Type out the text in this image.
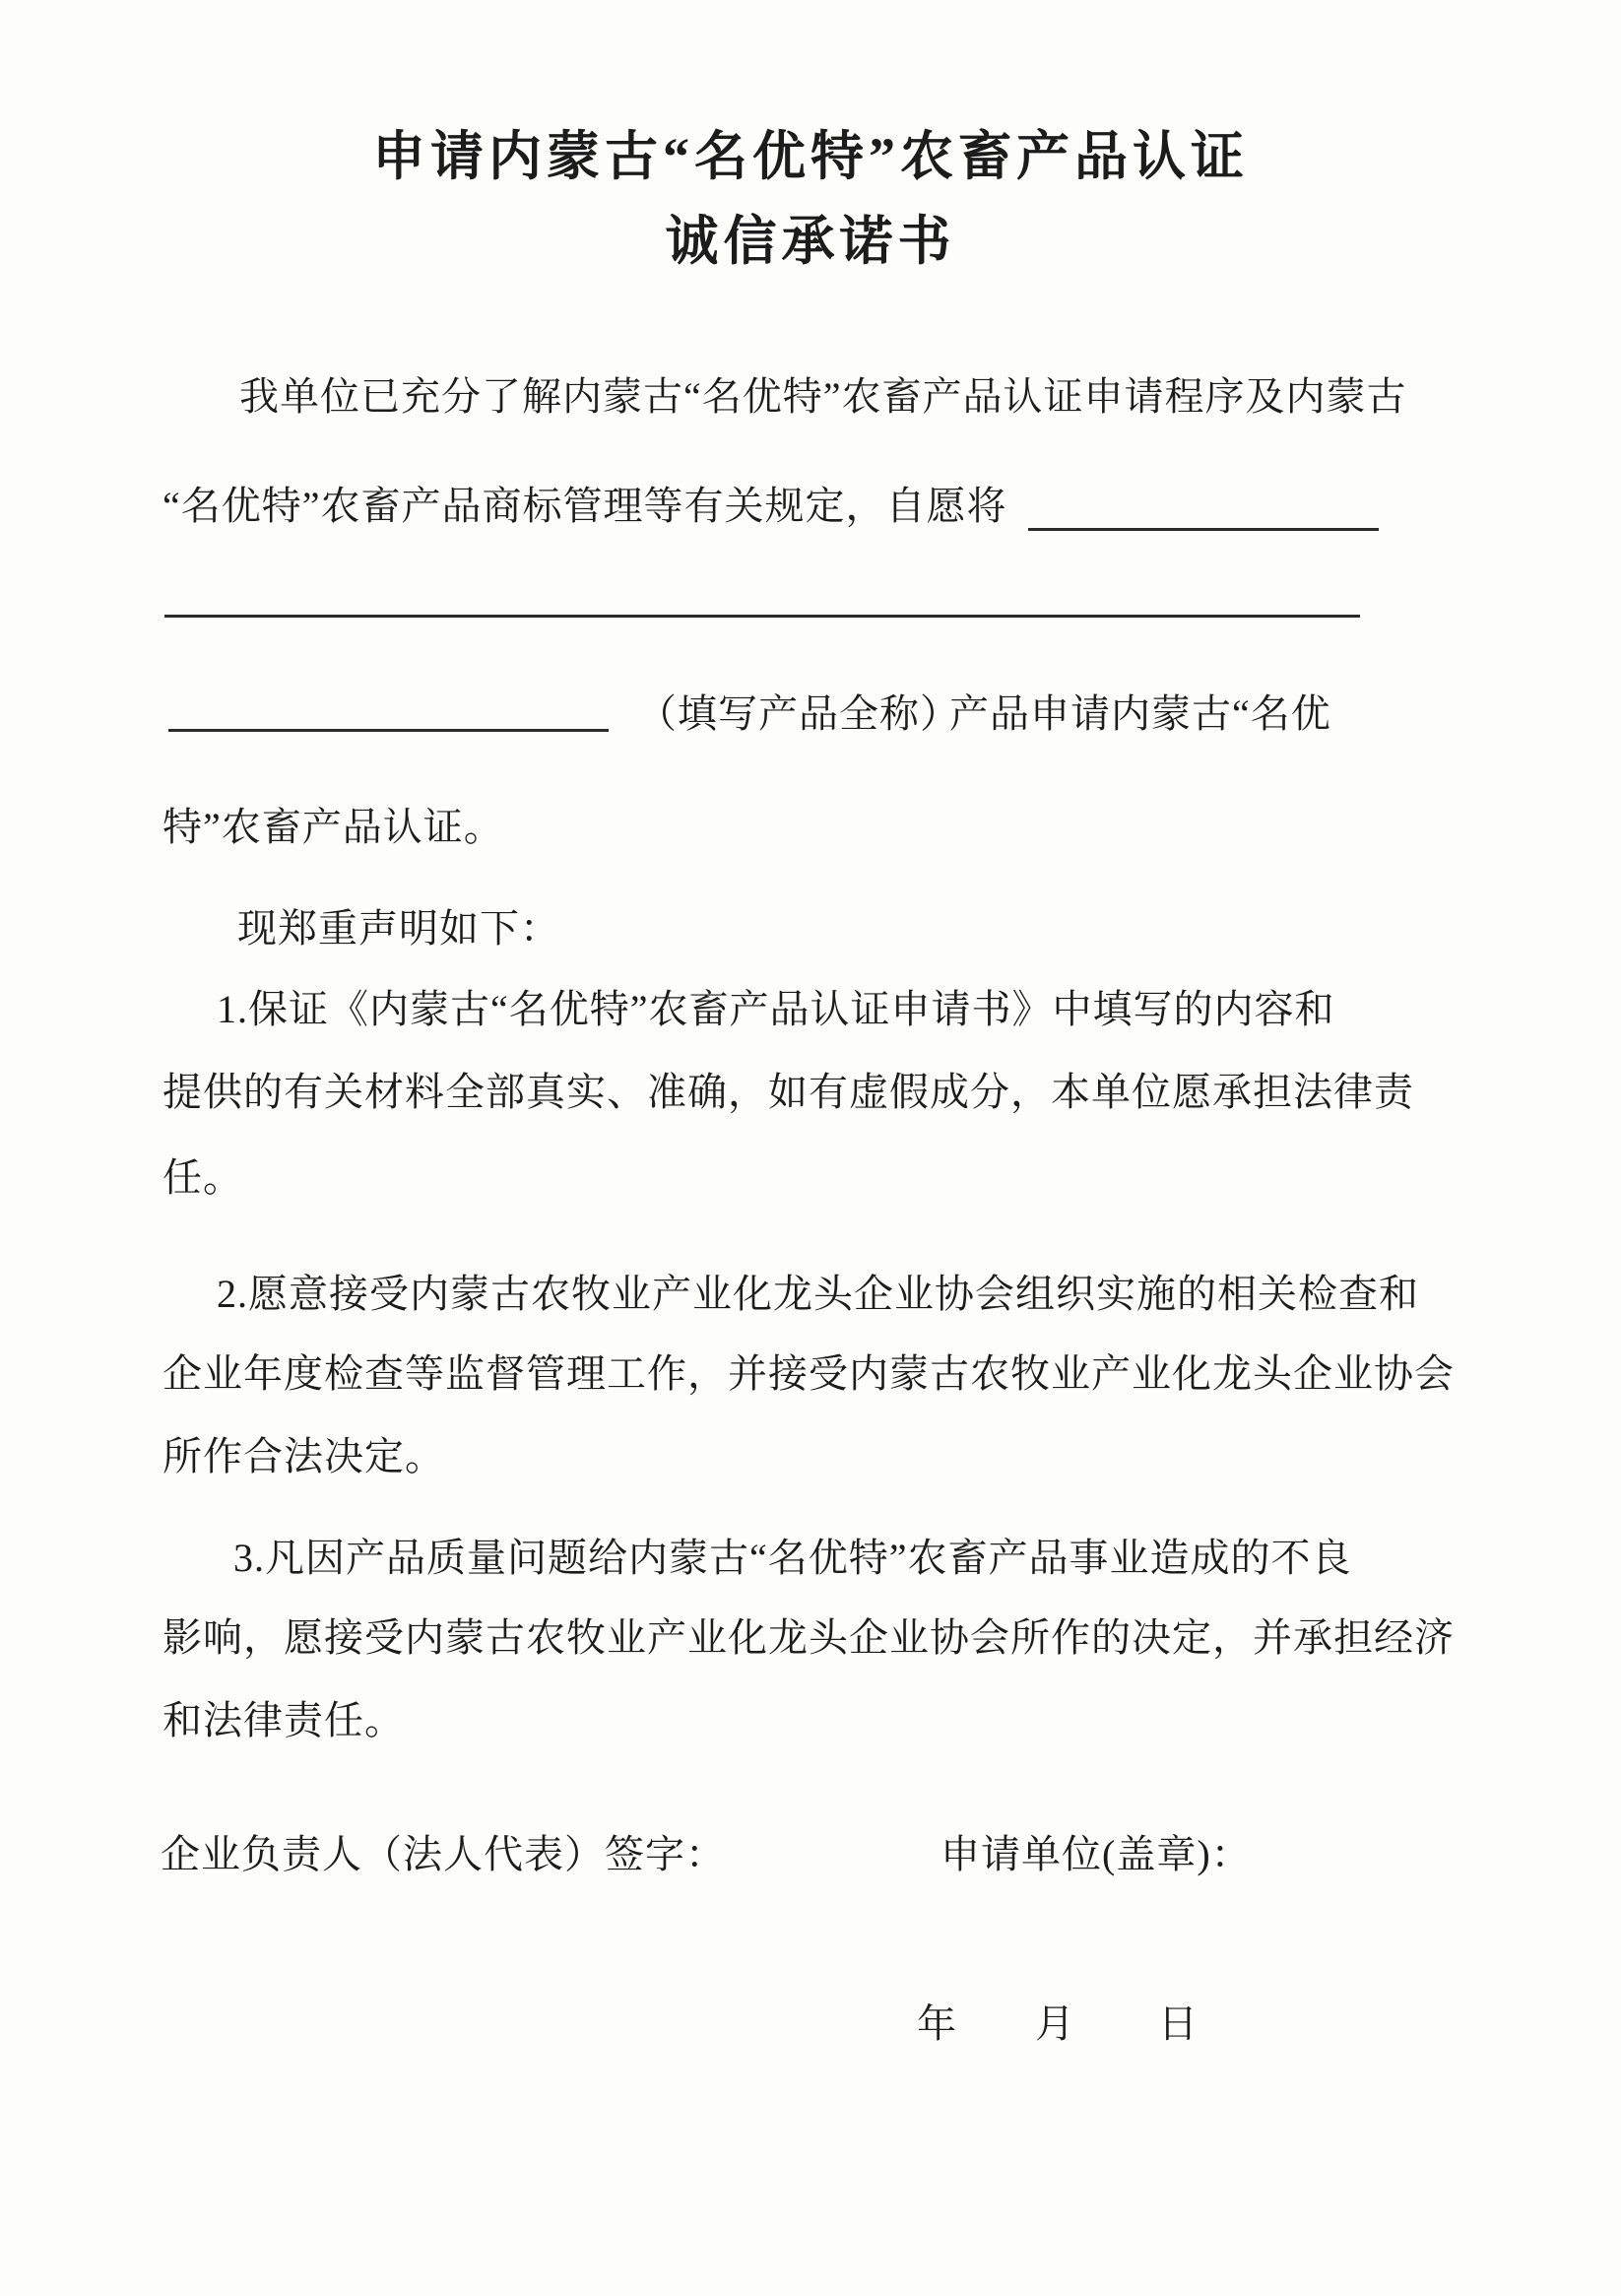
申请内蒙古“名优特”农畜产品认证
诚信承诺书
我单位已充分了解内蒙古“名优特”农畜产品认证申请程序及内蒙古
“名优特”农畜产品商标管理等有关规定，自愿将
（填写产品全称）
产品申请内蒙古“名优
特”农畜产品认证。
现郑重声明如下：
1.保证《内蒙古“名优特”农畜产品认证申请书》中填写的内容和
提供的有关材料全部真实、准确，如有虚假成分，本单位愿承担法律责
任。
2.愿意接受内蒙古农牧业产业化龙头企业协会组织实施的相关检查和
企业年度检查等监督管理工作，并接受内蒙古农牧业产业化龙头企业协会
所作合法决定。
3.凡因产品质量问题给内蒙古“名优特”农畜产品事业造成的不良
影响，愿接受内蒙古农牧业产业化龙头企业协会所作的决定，并承担经济
和法律责任。
企业负责人（法人代表）签字：	申请单位(盖章)：
年 月 日
